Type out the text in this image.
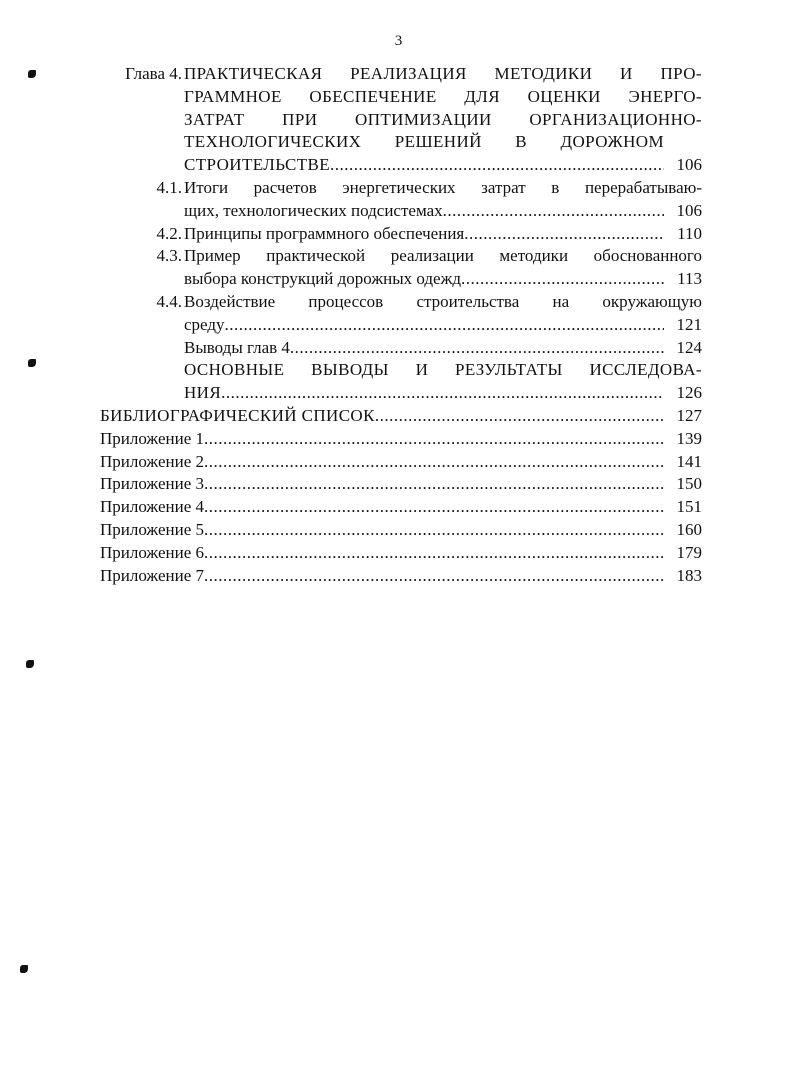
3
Глава 4. ПРАКТИЧЕСКАЯ РЕАЛИЗАЦИЯ МЕТОДИКИ И ПРО-
ГРАММНОЕ ОБЕСПЕЧЕНИЕ ДЛЯ ОЦЕНКИ ЭНЕРГО-
ЗАТРАТ ПРИ ОПТИМИЗАЦИИ ОРГАНИЗАЦИОННО-
ТЕХНОЛОГИЧЕСКИХ РЕШЕНИЙ В ДОРОЖНОМ
СТРОИТЕЛЬСТВЕ .....	106
4.1. Итоги расчетов энергетических затрат в перерабатываю-
щих, технологических подсистемах .....	106
4.2. Принципы программного обеспечения .....	110
4.3. Пример практической реализации методики обоснованного
выбора конструкций дорожных одежд .....	113
4.4. Воздействие процессов строительства на окружающую
среду .....	121
Выводы глав 4 .....	124
ОСНОВНЫЕ ВЫВОДЫ И РЕЗУЛЬТАТЫ ИССЛЕДОВА-
НИЯ .....	126
БИБЛИОГРАФИЧЕСКИЙ СПИСОК .....	127
Приложение 1 .....	139
Приложение 2 .....	141
Приложение 3 .....	150
Приложение 4 .....	151
Приложение 5 .....	160
Приложение 6 .....	179
Приложение 7 .....	183
